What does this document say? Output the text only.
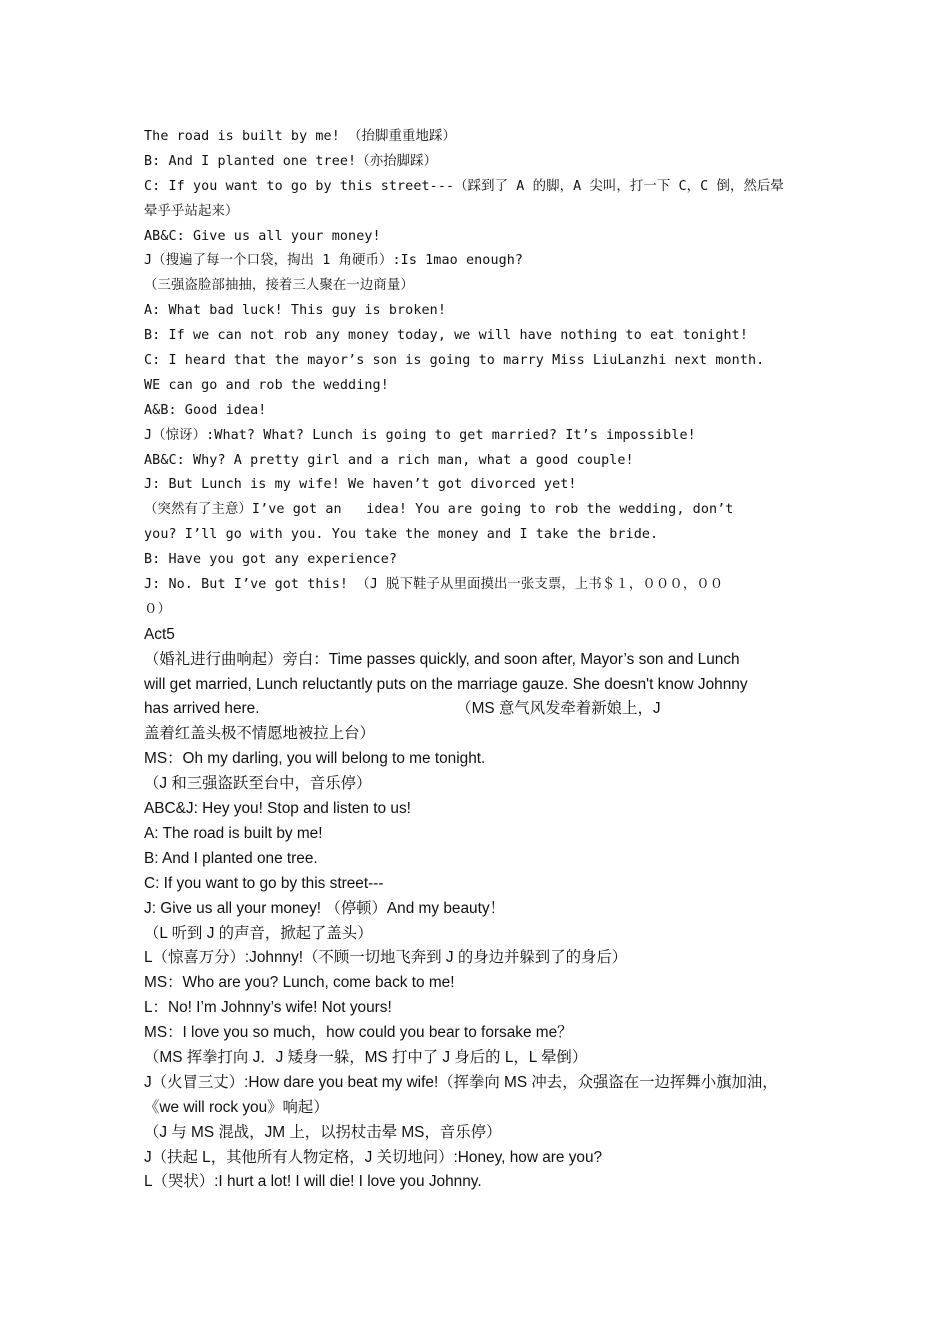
The road is built by me! （抬脚重重地踩）
B: And I planted one tree!（亦抬脚踩）
C: If you want to go by this street---（踩到了 A 的脚，A 尖叫，打一下 C，C 倒，然后晕
晕乎乎站起来）
AB&C: Give us all your money!
J（搜遍了每一个口袋，掏出 1 角硬币）:Is 1mao enough?
（三强盗脸部抽抽，接着三人聚在一边商量）
A: What bad luck! This guy is broken!
B: If we can not rob any money today, we will have nothing to eat tonight!
C: I heard that the mayor’s son is going to marry Miss LiuLanzhi next month.
WE can go and rob the wedding!
A&B: Good idea!
J（惊讶）:What? What? Lunch is going to get married? It’s impossible!
AB&C: Why? A pretty girl and a rich man, what a good couple!
J: But Lunch is my wife! We haven’t got divorced yet!
（突然有了主意）I’ve got an   idea! You are going to rob the wedding, don’t
you? I’ll go with you. You take the money and I take the bride.
B: Have you got any experience?
J: No. But I’ve got this! （J 脱下鞋子从里面摸出一张支票，上书＄１，０００，００
０）
Act5
（婚礼进行曲响起）旁白：Time passes quickly, and soon after, Mayor’s son and Lunch
will get married, Lunch reluctantly puts on the marriage gauze. She doesn't know Johnny
has arrived here.                                              （MS 意气风发牵着新娘上，J
盖着红盖头极不情愿地被拉上台）
MS：Oh my darling, you will belong to me tonight.
（J 和三强盗跃至台中，音乐停）
ABC&J: Hey you! Stop and listen to us!
A: The road is built by me!
B: And I planted one tree.
C: If you want to go by this street---
J: Give us all your money! （停顿）And my beauty！
（L 听到 J 的声音，掀起了盖头）
L（惊喜万分）:Johnny!（不顾一切地飞奔到 J 的身边并躲到了的身后）
MS：Who are you? Lunch, come back to me!
L：No! I’m Johnny’s wife! Not yours!
MS：I love you so much，how could you bear to forsake me？
（MS 挥拳打向 J．J 矮身一躲，MS 打中了 J 身后的 L，L 晕倒）
J（火冒三丈）:How dare you beat my wife!（挥拳向 MS 冲去，众强盗在一边挥舞小旗加油，
《we will rock you》响起）
（J 与 MS 混战，JM 上，以拐杖击晕 MS，音乐停）
J（扶起 L，其他所有人物定格，J 关切地问）:Honey, how are you?
L（哭状）:I hurt a lot! I will die! I love you Johnny.
